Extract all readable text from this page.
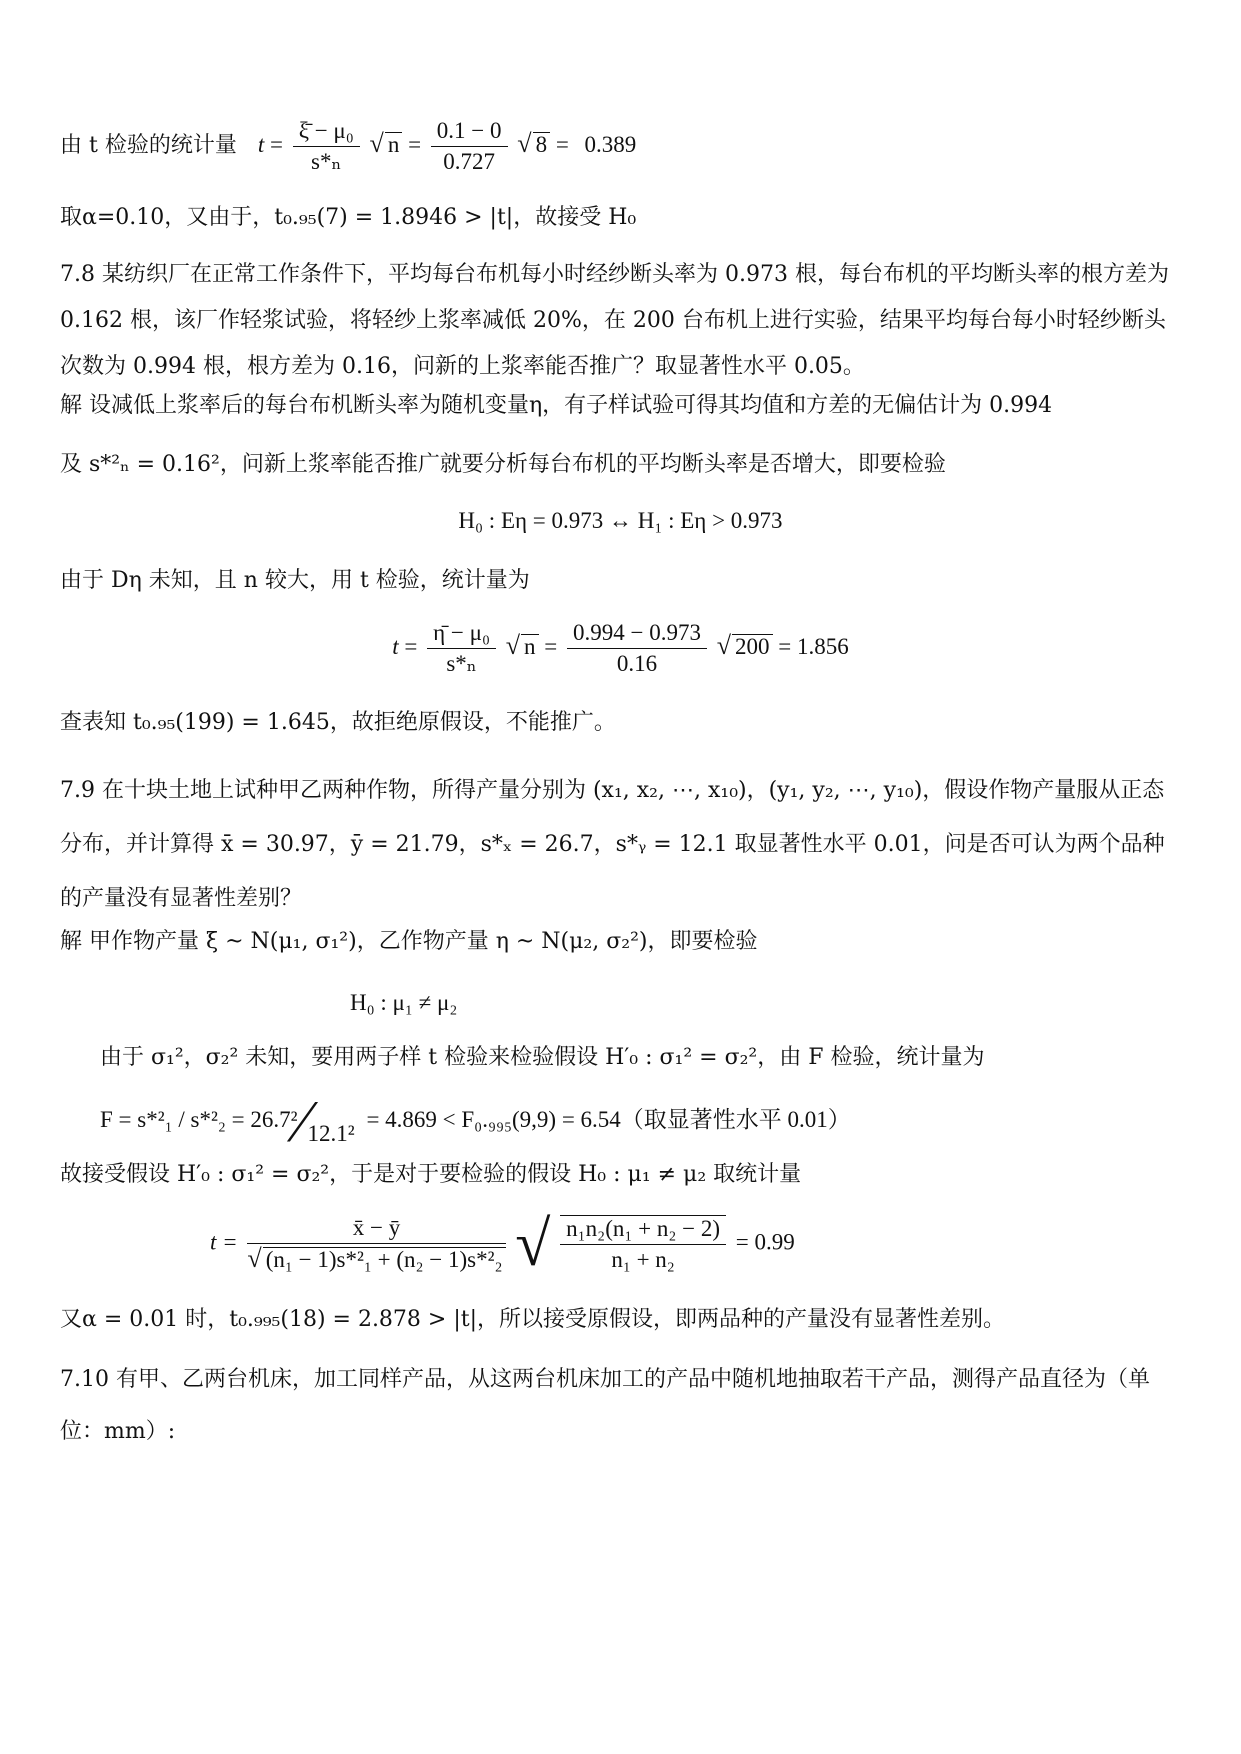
由 t 检验的统计量 $t = \frac{\text{ξ̄ − μ₀}}{\text{s*ₙ}}$ √ $n = \frac{0.1 - 0}{0.727}$ √ 8 = 0.389
取α=0.10，又由于，t₀.₉₅(7) = 1.8946 > |t|，故接受 H₀
7.8 某纺织厂在正常工作条件下，平均每台布机每小时经纱断头率为 0.973 根，每台布机的平均断头率的根方差为 0.162 根，该厂作轻浆试验，将轻纱上浆率减低 20%，在 200 台布机上进行实验，结果平均每台每小时轻纱断头次数为 0.994 根，根方差为 0.16，问新的上浆率能否推广？取显著性水平 0.05。
解 设减低上浆率后的每台布机断头率为随机变量η，有子样试验可得其均值和方差的无偏估计为 0.994
及 s*²ₙ = 0.16²，问新上浆率能否推广就要分析每台布机的平均断头率是否增大，即要检验
H₀ : Eη = 0.973 ↔ H₁ : Eη > 0.973
由于 Dη 未知，且 n 较大，用 t 检验，统计量为
$t = \frac{\text{η̄ − μ₀}}{\text{s*ₙ}}$ √ $n = \frac{0.994 - 0.973}{0.16}$ √ 200 = 1.856
查表知 t₀.₉₅(199) = 1.645，故拒绝原假设，不能推广。
7.9 在十块土地上试种甲乙两种作物，所得产量分别为 (x₁, x₂, ⋯, x₁₀)，(y₁, y₂, ⋯, y₁₀)，假设作物产量服从正态分布，并计算得 x̄ = 30.97，ȳ = 21.79，s*ₓ = 26.7，s*ᵧ = 12.1 取显著性水平 0.01，问是否可认为两个品种的产量没有显著性差别？
解 甲作物产量 ξ ~ N(μ₁, σ₁²)，乙作物产量 η ~ N(μ₂, σ₂²)，即要检验
H₀ : μ₁ ≠ μ₂
由于 σ₁²，σ₂² 未知，要用两子样 t 检验来检验假设 H′₀ : σ₁² = σ₂²，由 F 检验，统计量为
F = s*²₁ / s*²₂ = 26.7²⁄12.1² = 4.869 < F₀.₉₉₅(9,9) = 6.54（取显著性水平 0.01）
故接受假设 H′₀ : σ₁² = σ₂²，于是对于要检验的假设 H₀ : μ₁ ≠ μ₂ 取统计量
$t = \frac{x̄ - ȳ}{\text{√ (n₁ − 1)s*²₁ + (n₂ − 1)s*²₂}}$ √ $\frac{\text{n₁n₂(n₁ + n₂ − 2)}}{\text{n₁ + n₂}} = 0.99$
又α = 0.01 时，t₀.₉₉₅(18) = 2.878 > |t|，所以接受原假设，即两品种的产量没有显著性差别。
7.10 有甲、乙两台机床，加工同样产品，从这两台机床加工的产品中随机地抽取若干产品，测得产品直径为（单位：mm）:
